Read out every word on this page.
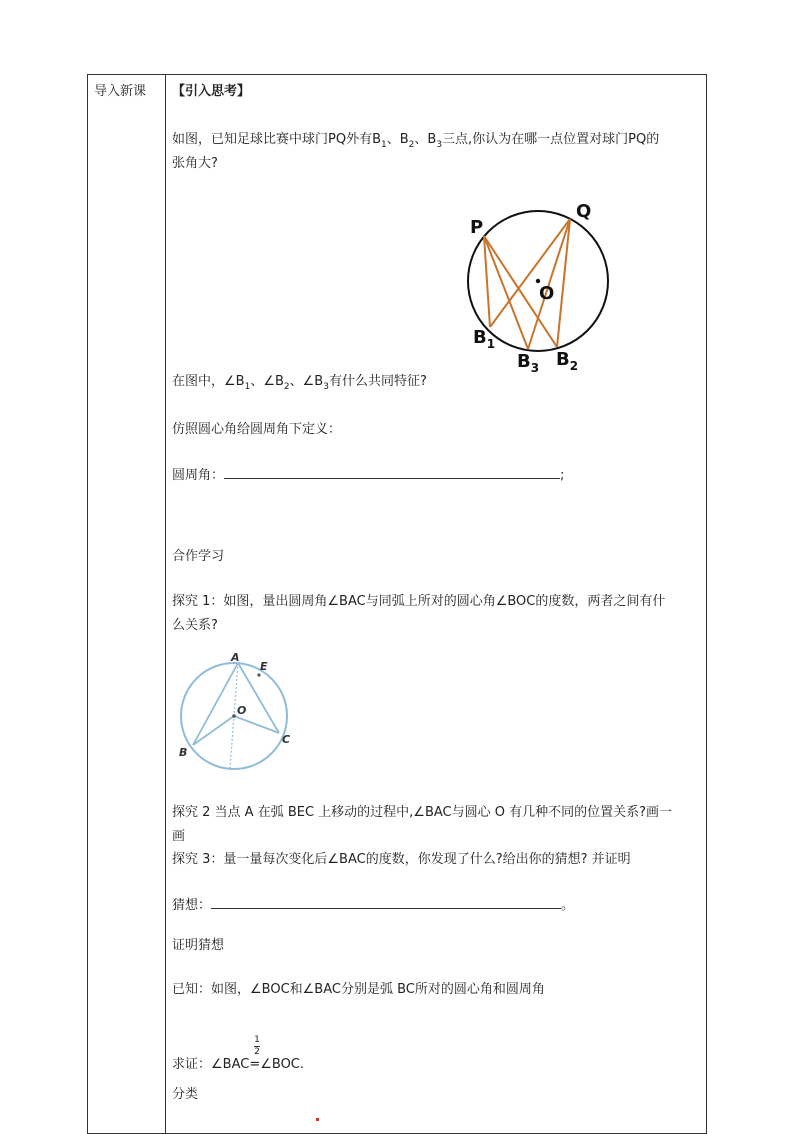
导入新课 【引入思考】
如图，已知足球比赛中球门PQ外有$B_1$、$B_2$、$B_3$三点,你认为在哪一点位置对球门PQ的
张角大?
P
Q
O
$B_1$
$B_3$ $B_2$
在图中，$\angle B_1$、$\angle B_2$、$\angle B_3$有什么共同特征?
仿照圆心角给圆周角下定义：
圆周角：	;
合作学习
探究 1：如图，量出圆周角∠BAC与同弧上所对的圆心角∠BOC的度数，两者之间有什
么关系?
A
E
O
B
C
探究 2 当点 A 在弧 BEC 上移动的过程中,∠BAC与圆心 O 有几种不同的位置关系?画一
画
探究 3：量一量每次变化后∠BAC的度数，你发现了什么?给出你的猜想? 并证明
猜想：	。
证明猜想
已知：如图，∠BOC和∠BAC分别是弧 BC所对的圆心角和圆周角
1
2
求证：∠BAC=∠BOC.
分类
